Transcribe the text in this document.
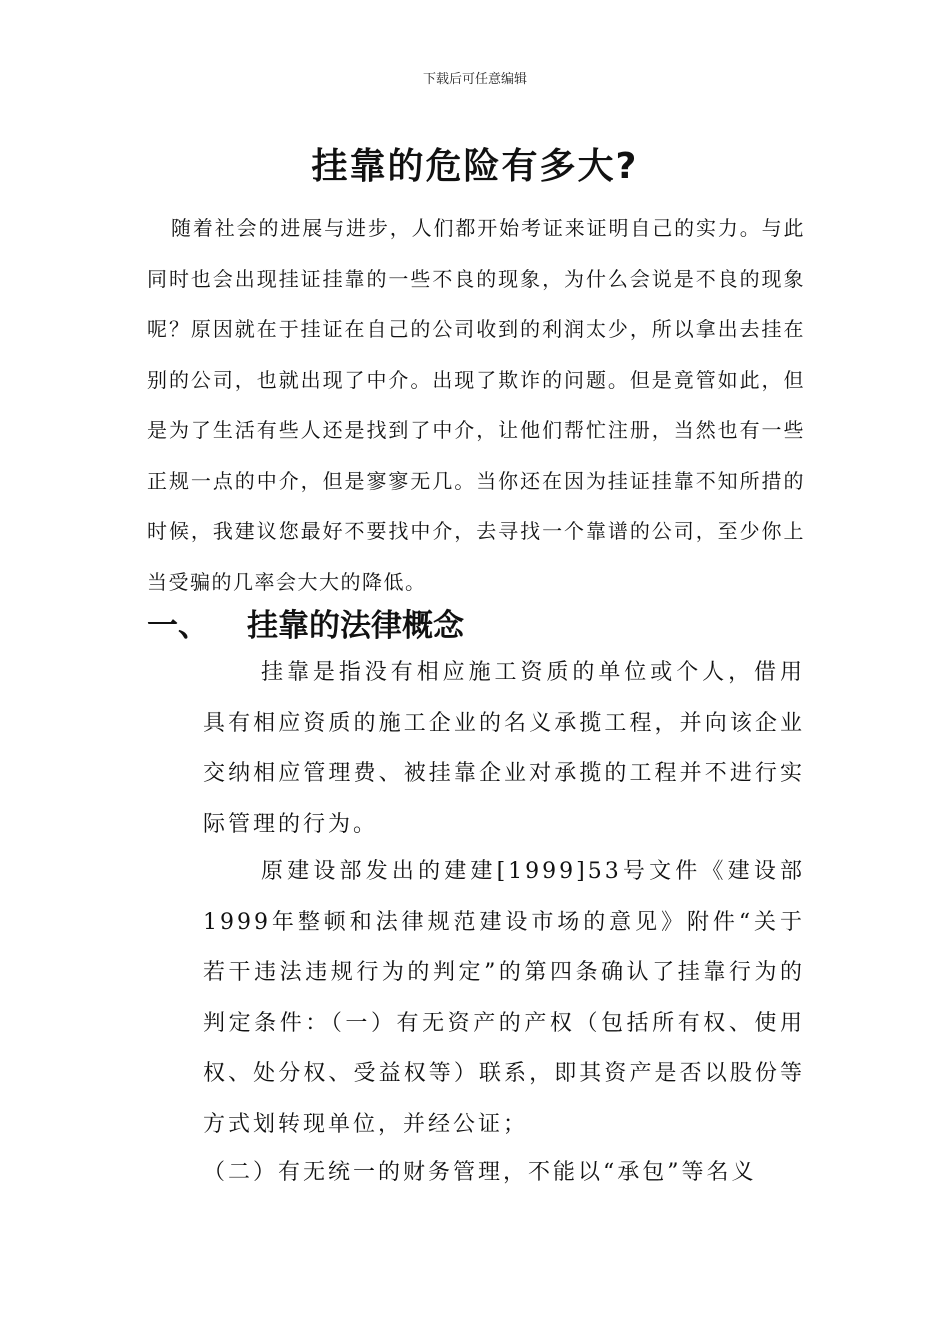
下载后可任意编辑
挂靠的危险有多大?

随着社会的进展与进步，人们都开始考证来证明自己的实力。与此同时也会出现挂证挂靠的一些不良的现象，为什么会说是不良的现象呢？原因就在于挂证在自己的公司收到的利润太少，所以拿出去挂在别的公司，也就出现了中介。出现了欺诈的问题。但是竟管如此，但是为了生活有些人还是找到了中介，让他们帮忙注册，当然也有一些正规一点的中介，但是寥寥无几。当你还在因为挂证挂靠不知所措的时候，我建议您最好不要找中介，去寻找一个靠谱的公司，至少你上当受骗的几率会大大的降低。

一、 挂靠的法律概念

挂靠是指没有相应施工资质的单位或个人，借用具有相应资质的施工企业的名义承揽工程，并向该企业交纳相应管理费、被挂靠企业对承揽的工程并不进行实际管理的行为。

原建设部发出的建建[1999]53号文件《建设部1999年整顿和法律规范建设市场的意见》附件“关于若干违法违规行为的判定”的第四条确认了挂靠行为的判定条件：（一）有无资产的产权（包括所有权、使用权、处分权、受益权等）联系，即其资产是否以股份等方式划转现单位，并经公证；

（二）有无统一的财务管理，不能以“承包”等名义
